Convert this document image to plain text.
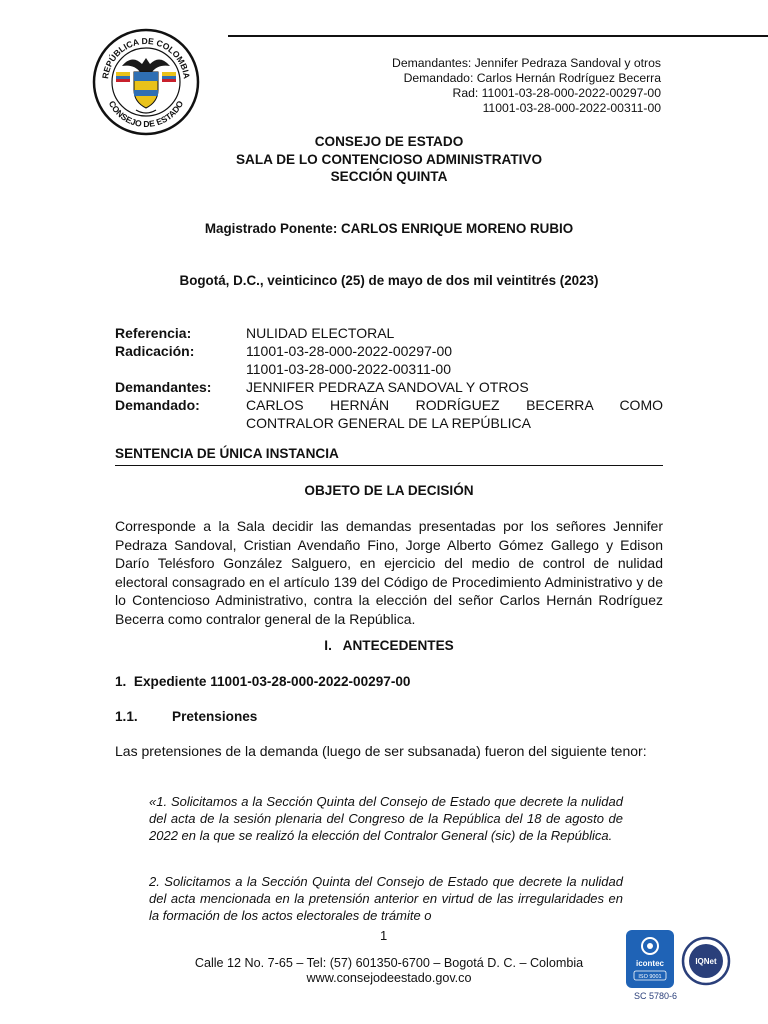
REPÚBLICA DE COLOMBIA
CONSEJO DE ESTADO
Demandantes: Jennifer Pedraza Sandoval y otros
Demandado: Carlos Hernán Rodríguez Becerra
Rad: 11001-03-28-000-2022-00297-00
11001-03-28-000-2022-00311-00
CONSEJO DE ESTADO
SALA DE LO CONTENCIOSO ADMINISTRATIVO
SECCIÓN QUINTA
Magistrado Ponente: CARLOS ENRIQUE MORENO RUBIO
Bogotá, D.C., veinticinco (25) de mayo de dos mil veintitrés (2023)
Referencia:	NULIDAD ELECTORAL
Radicación:	11001-03-28-000-2022-00297-00
11001-03-28-000-2022-00311-00
Demandantes:	JENNIFER PEDRAZA SANDOVAL Y OTROS
Demandado:	CARLOS HERNÁN RODRÍGUEZ BECERRA COMO
CONTRALOR GENERAL DE LA REPÚBLICA
SENTENCIA DE ÚNICA INSTANCIA
OBJETO DE LA DECISIÓN
Corresponde a la Sala decidir las demandas presentadas por los señores Jennifer Pedraza Sandoval, Cristian Avendaño Fino, Jorge Alberto Gómez Gallego y Edison Darío Telésforo González Salguero, en ejercicio del medio de control de nulidad electoral consagrado en el artículo 139 del Código de Procedimiento Administrativo y de lo Contencioso Administrativo, contra la elección del señor Carlos Hernán Rodríguez Becerra como contralor general de la República.
I.   ANTECEDENTES
1.  Expediente 11001-03-28-000-2022-00297-00
1.1.	Pretensiones
Las pretensiones de la demanda (luego de ser subsanada) fueron del siguiente tenor:
«1. Solicitamos a la Sección Quinta del Consejo de Estado que decrete la nulidad del acta de la sesión plenaria del Congreso de la República del 18 de agosto de 2022 en la que se realizó la elección del Contralor General (sic) de la República.
2. Solicitamos a la Sección Quinta del Consejo de Estado que decrete la nulidad del acta mencionada en la pretensión anterior en virtud de las irregularidades en la formación de los actos electorales de trámite o
1
Calle 12 No. 7-65 – Tel: (57) 601350-6700 – Bogotá D. C. – Colombia
www.consejodeestado.gov.co
icontec
ISO 9001
IQNet
SC 5780-6
